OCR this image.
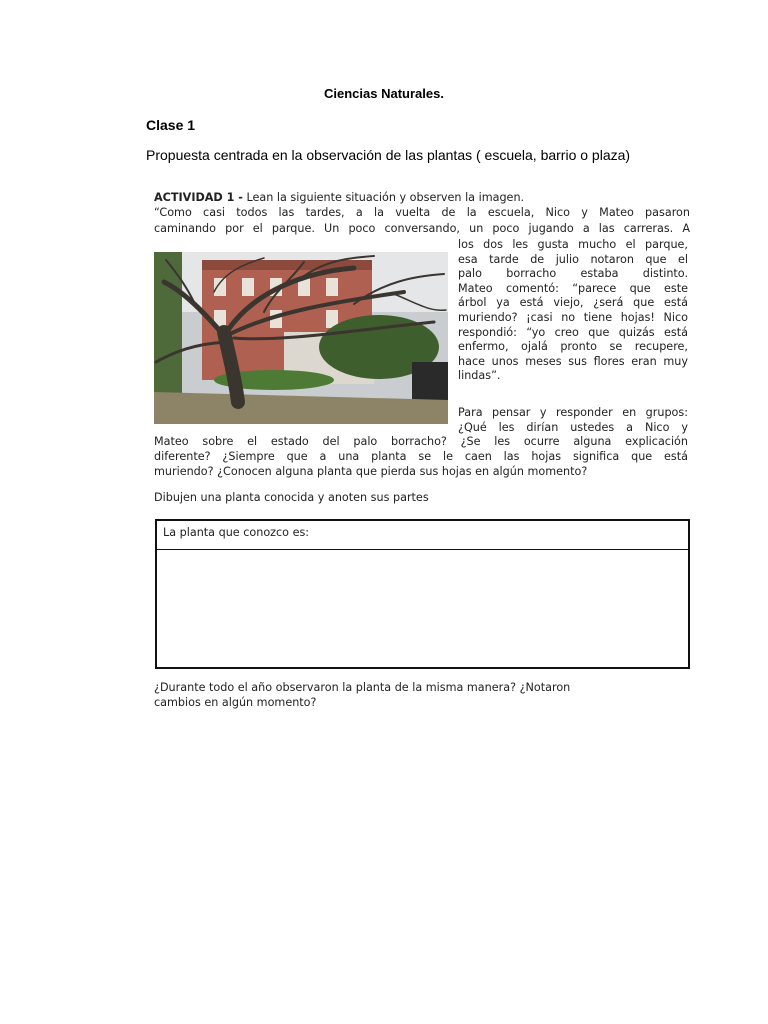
Ciencias Naturales.
Clase 1
Propuesta centrada en la observación de las plantas ( escuela, barrio o plaza)
ACTIVIDAD 1 - Lean la siguiente situación y observen la imagen.
“Como casi todos las tardes, a la vuelta de la escuela, Nico y Mateo pasaron
caminando por el parque. Un poco conversando, un poco jugando a las carreras. A
los dos les gusta mucho el parque,
esa tarde de julio notaron que el
palo borracho estaba distinto.
Mateo comentó: “parece que este
árbol ya está viejo, ¿será que está
muriendo? ¡casi no tiene hojas! Nico
respondió: “yo creo que quizás está
enfermo, ojalá pronto se recupere,
hace unos meses sus flores eran muy
lindas”.
Para pensar y responder en grupos:
¿Qué les dirían ustedes a Nico y
Mateo sobre el estado del palo borracho? ¿Se les ocurre alguna explicación
diferente? ¿Siempre que a una planta se le caen las hojas significa que está
muriendo? ¿Conocen alguna planta que pierda sus hojas en algún momento?
Dibujen una planta conocida y anoten sus partes
La planta que conozco es:
¿Durante todo el año observaron la planta de la misma manera? ¿Notaron
cambios en algún momento?
